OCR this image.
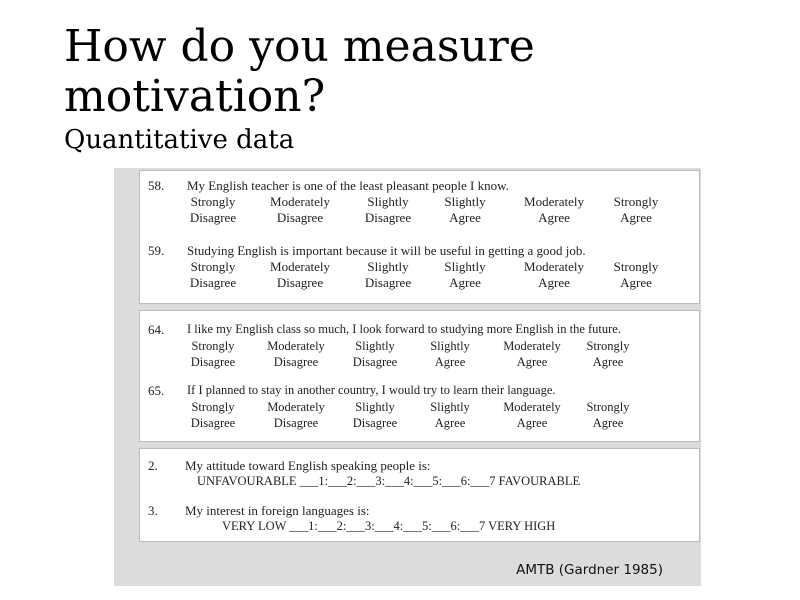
How do you measure motivation?
Quantitative data
58. My English teacher is one of the least pleasant people I know.
Strongly
Disagree
Moderately
Disagree
Slightly
Disagree
Slightly
Agree
Moderately
Agree
Strongly
Agree
59. Studying English is important because it will be useful in getting a good job.
Strongly
Disagree
Moderately
Disagree
Slightly
Disagree
Slightly
Agree
Moderately
Agree
Strongly
Agree
64. I like my English class so much, I look forward to studying more English in the future.
Strongly
Disagree
Moderately
Disagree
Slightly
Disagree
Slightly
Agree
Moderately
Agree
Strongly
Agree
65. If I planned to stay in another country, I would try to learn their language.
Strongly
Disagree
Moderately
Disagree
Slightly
Disagree
Slightly
Agree
Moderately
Agree
Strongly
Agree
2. My attitude toward English speaking people is:
UNFAVOURABLE ___1:___2:___3:___4:___5:___6:___7 FAVOURABLE
3. My interest in foreign languages is:
VERY LOW ___1:___2:___3:___4:___5:___6:___7 VERY HIGH
AMTB (Gardner 1985)
